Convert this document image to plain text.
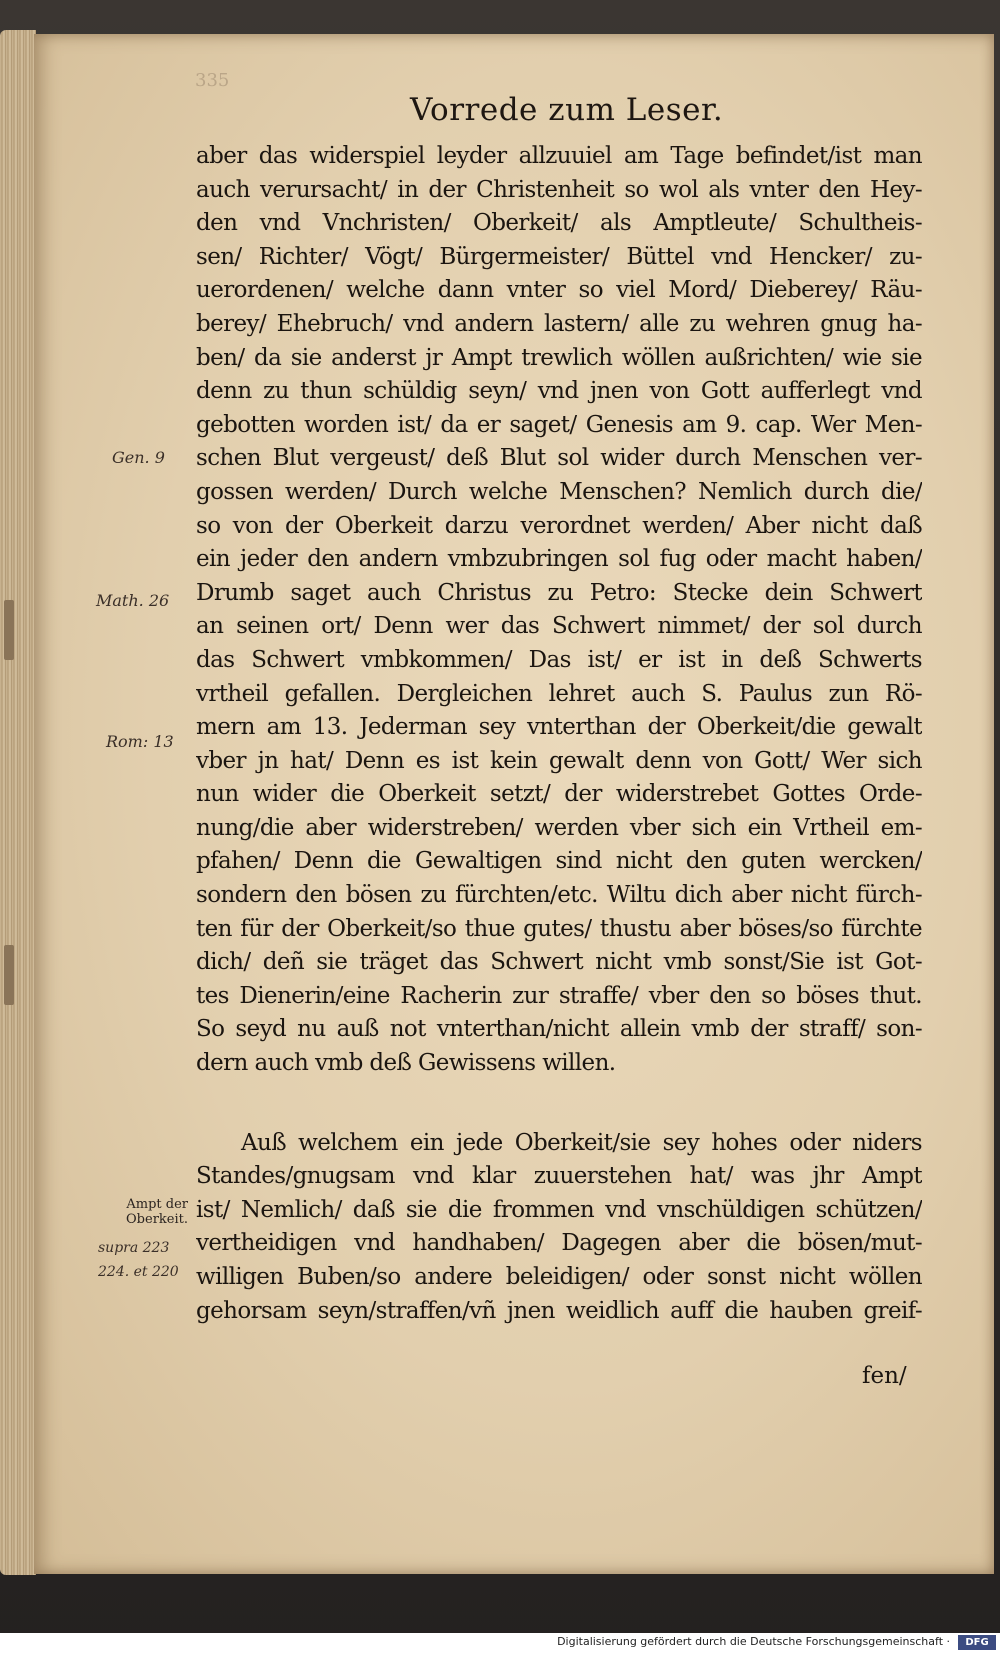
335
Vorrede zum Leser.
aber das widerspiel leyder allzuuiel am Tage befindet/ist man
auch verursacht/ in der Christenheit so wol als vnter den Hey-
den vnd Vnchristen/ Oberkeit/ als Amptleute/ Schultheis-
sen/ Richter/ Vögt/ Bürgermeister/ Büttel vnd Hencker/ zu-
uerordenen/ welche dann vnter so viel Mord/ Dieberey/ Räu-
berey/ Ehebruch/ vnd andern lastern/ alle zu wehren gnug ha-
ben/ da sie anderst jr Ampt trewlich wöllen außrichten/ wie sie
denn zu thun schüldig seyn/ vnd jnen von Gott aufferlegt vnd
gebotten worden ist/ da er saget/ Genesis am 9. cap. Wer Men-
schen Blut vergeust/ deß Blut sol wider durch Menschen ver-
gossen werden/ Durch welche Menschen? Nemlich durch die/
so von der Oberkeit darzu verordnet werden/ Aber nicht daß
ein jeder den andern vmbzubringen sol fug oder macht haben/
Drumb saget auch Christus zu Petro: Stecke dein Schwert
an seinen ort/ Denn wer das Schwert nimmet/ der sol durch
das Schwert vmbkommen/ Das ist/ er ist in deß Schwerts
vrtheil gefallen. Dergleichen lehret auch S. Paulus zun Rö-
mern am 13. Jederman sey vnterthan der Oberkeit/die gewalt
vber jn hat/ Denn es ist kein gewalt denn von Gott/ Wer sich
nun wider die Oberkeit setzt/ der widerstrebet Gottes Orde-
nung/die aber widerstreben/ werden vber sich ein Vrtheil em-
pfahen/ Denn die Gewaltigen sind nicht den guten wercken/
sondern den bösen zu fürchten/etc. Wiltu dich aber nicht fürch-
ten für der Oberkeit/so thue gutes/ thustu aber böses/so fürchte
dich/ deñ sie träget das Schwert nicht vmb sonst/Sie ist Got-
tes Dienerin/eine Racherin zur straffe/ vber den so böses thut.
So seyd nu auß not vnterthan/nicht allein vmb der straff/ son-
dern auch vmb deß Gewissens willen.
Auß welchem ein jede Oberkeit/sie sey hohes oder niders
Standes/gnugsam vnd klar zuuerstehen hat/ was jhr Ampt
ist/ Nemlich/ daß sie die frommen vnd vnschüldigen schützen/
vertheidigen vnd handhaben/ Dagegen aber die bösen/mut-
willigen Buben/so andere beleidigen/ oder sonst nicht wöllen
gehorsam seyn/straffen/vñ jnen weidlich auff die hauben greif-
fen/
Gen. 9
Math. 26
Rom: 13
Ampt der
Oberkeit.
supra 223
224. et 220
Digitalisierung gefördert durch die Deutsche Forschungsgemeinschaft ·	DFG
